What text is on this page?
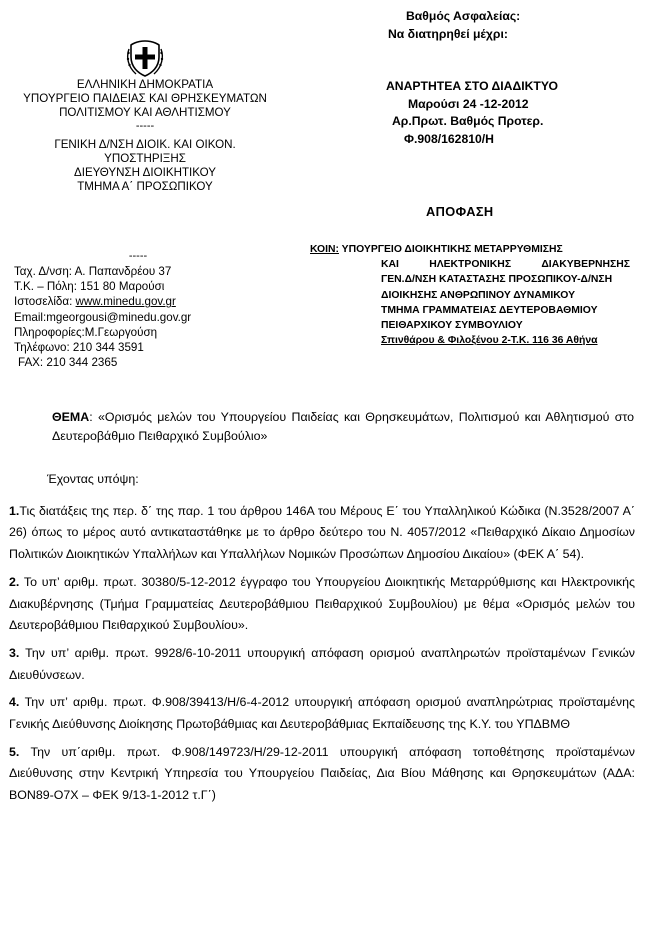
ΕΛΛΗΝΙΚΗ ΔΗΜΟΚΡΑΤΙΑ
ΥΠΟΥΡΓΕΙΟ ΠΑΙΔΕΙΑΣ ΚΑΙ ΘΡΗΣΚΕΥΜΑΤΩΝ
ΠΟΛΙΤΙΣΜΟΥ ΚΑΙ ΑΘΛΗΤΙΣΜΟΥ
-----
ΓΕΝΙΚΗ Δ/ΝΣΗ ΔΙΟΙΚ. ΚΑΙ ΟΙΚΟΝ.
ΥΠΟΣΤΗΡΙΞΗΣ
ΔΙΕΥΘΥΝΣΗ ΔΙΟΙΚΗΤΙΚΟΥ
ΤΜΗΜΑ Α΄ ΠΡΟΣΩΠΙΚΟΥ
-----
Ταχ. Δ/νση: Α. Παπανδρέου 37
Τ.Κ. – Πόλη: 151 80 Μαρούσι
Ιστοσελίδα: www.minedu.gov.gr
Email:mgeorgousi@minedu.gov.gr
Πληροφορίες:Μ.Γεωργούση
Τηλέφωνο: 210 344 3591
FAX: 210 344 2365
Βαθμός Ασφαλείας:
Να διατηρηθεί μέχρι:
ΑΝΑΡΤΗΤΕΑ ΣΤΟ ΔΙΑΔΙΚΤΥΟ
Μαρούσι 24 -12-2012
Αρ.Πρωτ. Βαθμός Προτερ.
Φ.908/162810/Η
ΑΠΟΦΑΣΗ
ΚΟΙΝ: ΥΠΟΥΡΓΕΙΟ ΔΙΟΙΚΗΤΙΚΗΣ ΜΕΤΑΡΡΥΘΜΙΣΗΣ
ΚΑΙ	ΗΛΕΚΤΡΟΝΙΚΗΣ	ΔΙΑΚΥΒΕΡΝΗΣΗΣ
ΓΕΝ.Δ/ΝΣΗ ΚΑΤΑΣΤΑΣΗΣ ΠΡΟΣΩΠΙΚΟΥ-Δ/ΝΣΗ
ΔΙΟΙΚΗΣΗΣ ΑΝΘΡΩΠΙΝΟΥ ΔΥΝΑΜΙΚΟΥ
ΤΜΗΜΑ ΓΡΑΜΜΑΤΕΙΑΣ ΔΕΥΤΕΡΟΒΑΘΜΙΟΥ
ΠΕΙΘΑΡΧΙΚΟΥ ΣΥΜΒΟΥΛΙΟΥ
Σπινθάρου & Φιλοξένου 2-Τ.Κ. 116 36 Αθήνα
ΘΕΜΑ: «Ορισμός μελών του Υπουργείου Παιδείας και Θρησκευμάτων, Πολιτισμού και Αθλητισμού στο Δευτεροβάθμιο Πειθαρχικό Συμβούλιο»
Έχοντας υπόψη:
1.Τις διατάξεις της περ. δ΄ της παρ. 1 του άρθρου 146Α του Μέρους Ε΄ του Υπαλληλικού Κώδικα (Ν.3528/2007 Α΄ 26) όπως το μέρος αυτό αντικαταστάθηκε με το άρθρο δεύτερο του Ν. 4057/2012 «Πειθαρχικό Δίκαιο Δημοσίων Πολιτικών Διοικητικών Υπαλλήλων και Υπαλλήλων Νομικών Προσώπων Δημοσίου Δικαίου» (ΦΕΚ Α΄ 54).
2. Το υπ’ αριθμ. πρωτ. 30380/5-12-2012 έγγραφο του Υπουργείου Διοικητικής Μεταρρύθμισης και Ηλεκτρονικής Διακυβέρνησης (Τμήμα Γραμματείας Δευτεροβάθμιου Πειθαρχικού Συμβουλίου) με θέμα «Ορισμός μελών του Δευτεροβάθμιου Πειθαρχικού Συμβουλίου».
3. Την υπ’ αριθμ. πρωτ. 9928/6-10-2011 υπουργική απόφαση ορισμού αναπληρωτών προϊσταμένων Γενικών Διευθύνσεων.
4. Την υπ’ αριθμ. πρωτ. Φ.908/39413/Η/6-4-2012 υπουργική απόφαση ορισμού αναπληρώτριας προϊσταμένης Γενικής Διεύθυνσης Διοίκησης Πρωτοβάθμιας και Δευτεροβάθμιας Εκπαίδευσης της Κ.Υ. του ΥΠΔΒΜΘ
5. Την υπ΄αριθμ. πρωτ. Φ.908/149723/Η/29-12-2011 υπουργική απόφαση τοποθέτησης προϊσταμένων Διεύθυνσης στην Κεντρική Υπηρεσία του Υπουργείου Παιδείας, Δια Βίου Μάθησης και Θρησκευμάτων (ΑΔΑ: ΒΟΝ89-Ο7Χ – ΦΕΚ 9/13-1-2012 τ.Γ΄)
